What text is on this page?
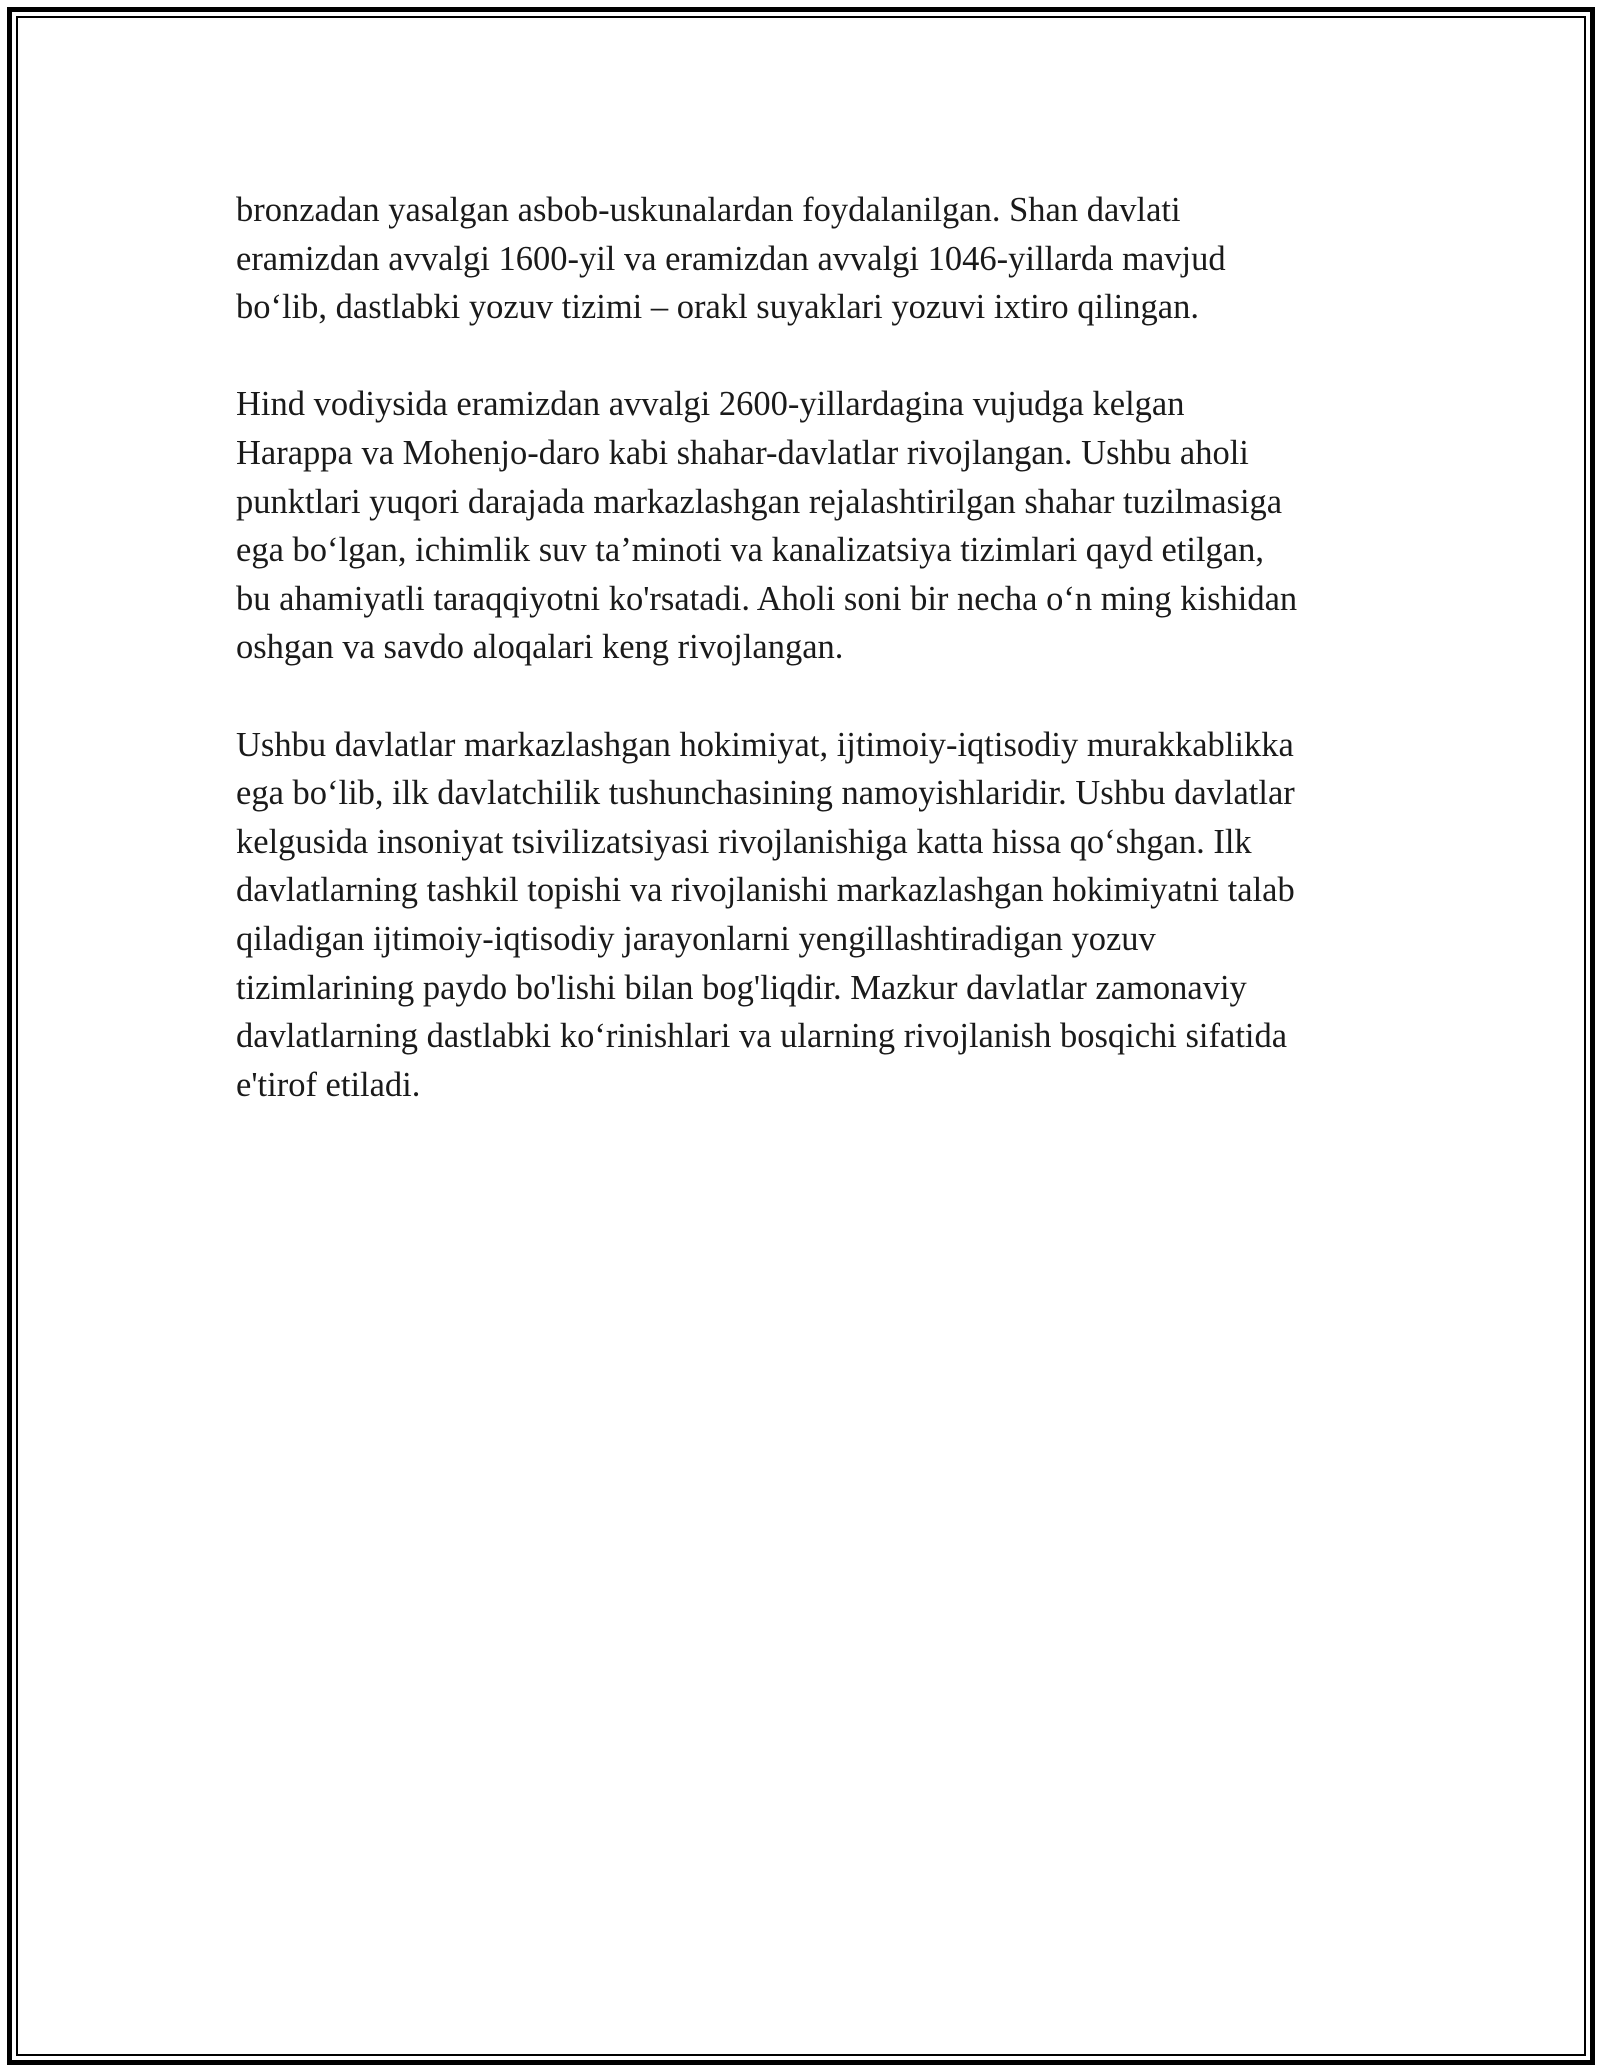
bronzadan yasalgan asbob-uskunalardan foydalanilgan. Shan davlati
eramizdan avvalgi 1600-yil va eramizdan avvalgi 1046-yillarda mavjud
bo‘lib, dastlabki yozuv tizimi – orakl suyaklari yozuvi ixtiro qilingan.

Hind vodiysida eramizdan avvalgi 2600-yillardagina vujudga kelgan
Harappa va Mohenjo-daro kabi shahar-davlatlar rivojlangan. Ushbu aholi
punktlari yuqori darajada markazlashgan rejalashtirilgan shahar tuzilmasiga
ega bo‘lgan, ichimlik suv ta’minoti va kanalizatsiya tizimlari qayd etilgan,
bu ahamiyatli taraqqiyotni ko'rsatadi. Aholi soni bir necha o‘n ming kishidan
oshgan va savdo aloqalari keng rivojlangan.

Ushbu davlatlar markazlashgan hokimiyat, ijtimoiy-iqtisodiy murakkablikka
ega bo‘lib, ilk davlatchilik tushunchasining namoyishlaridir. Ushbu davlatlar
kelgusida insoniyat tsivilizatsiyasi rivojlanishiga katta hissa qo‘shgan. Ilk
davlatlarning tashkil topishi va rivojlanishi markazlashgan hokimiyatni talab
qiladigan ijtimoiy-iqtisodiy jarayonlarni yengillashtiradigan yozuv
tizimlarining paydo bo'lishi bilan bog'liqdir. Mazkur davlatlar zamonaviy
davlatlarning dastlabki ko‘rinishlari va ularning rivojlanish bosqichi sifatida
e'tirof etiladi.
